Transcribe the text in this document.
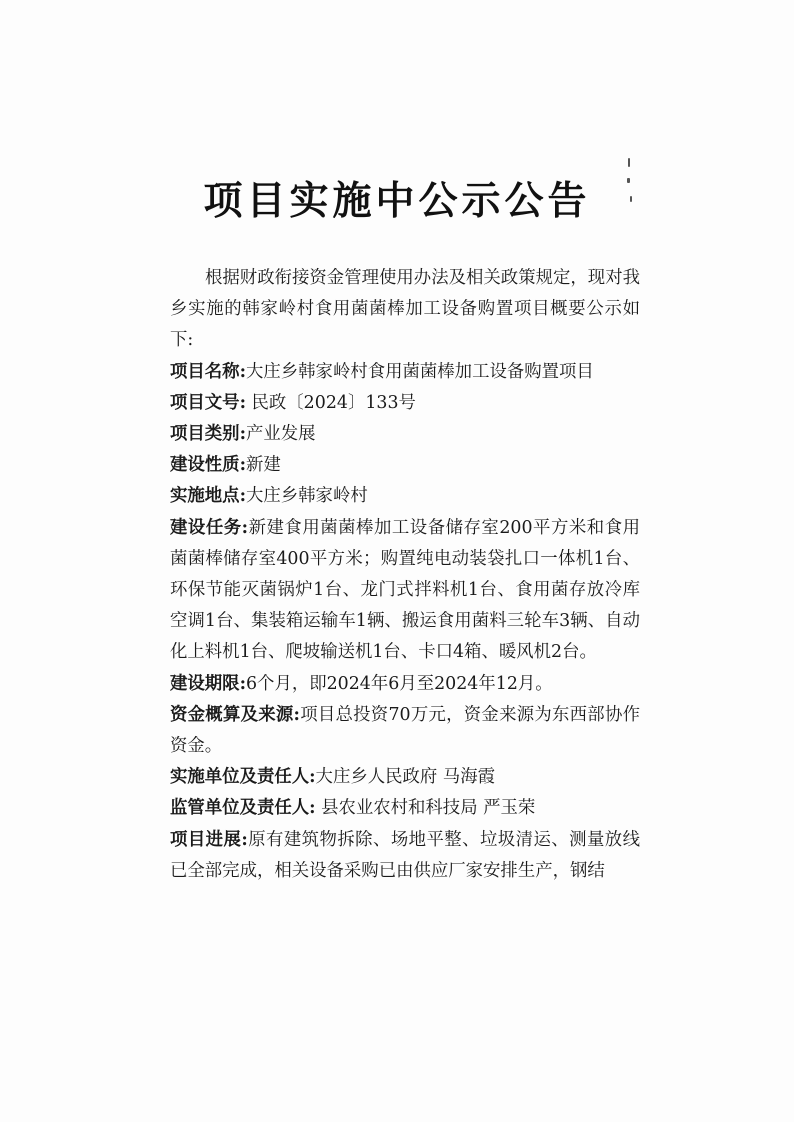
项目实施中公示公告

根据财政衔接资金管理使用办法及相关政策规定，现对我乡实施的韩家岭村食用菌菌棒加工设备购置项目概要公示如下:

项目名称:大庄乡韩家岭村食用菌菌棒加工设备购置项目

项目文号: 民政〔2024〕133号

项目类别:产业发展

建设性质:新建

实施地点:大庄乡韩家岭村

建设任务:新建食用菌菌棒加工设备储存室200平方米和食用菌菌棒储存室400平方米；购置纯电动装袋扎口一体机1台、环保节能灭菌锅炉1台、龙门式拌料机1台、食用菌存放冷库空调1台、集装箱运输车1辆、搬运食用菌料三轮车3辆、自动化上料机1台、爬坡输送机1台、卡口4箱、暖风机2台。

建设期限:6个月，即2024年6月至2024年12月。

资金概算及来源:项目总投资70万元，资金来源为东西部协作资金。

实施单位及责任人:大庄乡人民政府 马海霞

监管单位及责任人: 县农业农村和科技局 严玉荣

项目进展:原有建筑物拆除、场地平整、垃圾清运、测量放线已全部完成，相关设备采购已由供应厂家安排生产，钢结
